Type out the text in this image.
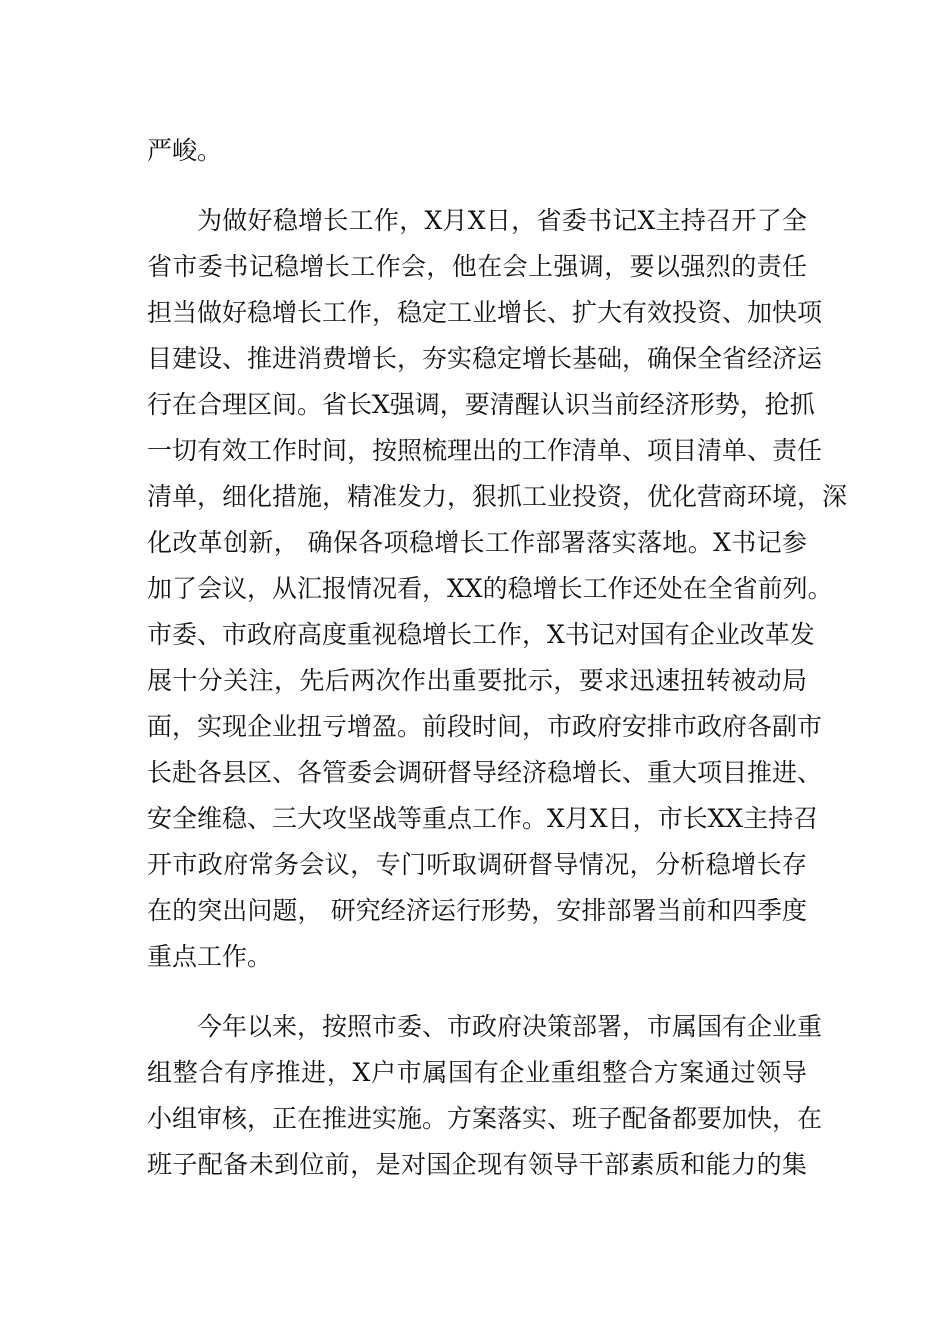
严峻。

为做好稳增长工作，X月X日，省委书记X主持召开了全
省市委书记稳增长工作会，他在会上强调，要以强烈的责任
担当做好稳增长工作，稳定工业增长、扩大有效投资、加快项
目建设、推进消费增长，夯实稳定增长基础，确保全省经济运
行在合理区间。省长X强调，要清醒认识当前经济形势，抢抓
一切有效工作时间，按照梳理出的工作清单、项目清单、责任
清单，细化措施，精准发力，狠抓工业投资，优化营商环境，深
化改革创新， 确保各项稳增长工作部署落实落地。X书记参
加了会议，从汇报情况看，XX的稳增长工作还处在全省前列。
市委、市政府高度重视稳增长工作，X书记对国有企业改革发
展十分关注，先后两次作出重要批示，要求迅速扭转被动局
面，实现企业扭亏增盈。前段时间，市政府安排市政府各副市
长赴各县区、各管委会调研督导经济稳增长、重大项目推进、
安全维稳、三大攻坚战等重点工作。X月X日，市长XX主持召
开市政府常务会议，专门听取调研督导情况，分析稳增长存
在的突出问题， 研究经济运行形势，安排部署当前和四季度
重点工作。

今年以来，按照市委、市政府决策部署，市属国有企业重
组整合有序推进，X户市属国有企业重组整合方案通过领导
小组审核，正在推进实施。方案落实、班子配备都要加快，在
班子配备未到位前，是对国企现有领导干部素质和能力的集
